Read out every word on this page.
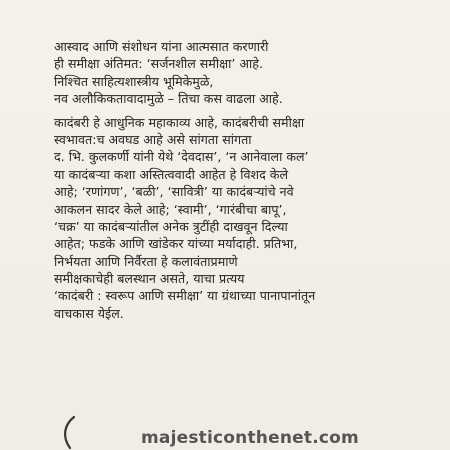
आस्वाद आणि संशोधन यांना आत्मसात करणारी
ही समीक्षा अंतिमत: ‘सर्जनशील समीक्षा’ आहे.
निश्चित साहित्यशास्त्रीय भूमिकेमुळे,
नव अलौकिकतावादामुळे – तिचा कस वाढला आहे.
कादंबरी हे आधुनिक महाकाव्य आहे, कादंबरीची समीक्षा
स्वभावत:च अवघड आहे असे सांगता सांगता
द. भि. कुलकर्णी यांनी येथे ‘देवदास’, ‘न आनेवाला कल’
या कादंबऱ्या कशा अस्तित्ववादी आहेत हे विशद केले
आहे; ‘रणांगण’, ‘बळी’, ‘सावित्री’ या कादंबऱ्यांचे नवे
आकलन सादर केले आहे; ‘स्वामी’, ‘गारंबीचा बापू’,
‘चक्र’ या कादंबऱ्यांतील अनेक त्रुटींही दाखवून दिल्या
आहेत; फडके आणि खांडेकर यांच्या मर्यादाही. प्रतिभा,
निर्भयता आणि निर्वैरता हे कलावंताप्रमाणे
समीक्षकाचेही बलस्थान असते, याचा प्रत्यय
‘कादंबरी : स्वरूप आणि समीक्षा’ या ग्रंथाच्या पानापानांतून
वाचकास येईल.
majesticonthenet.com
